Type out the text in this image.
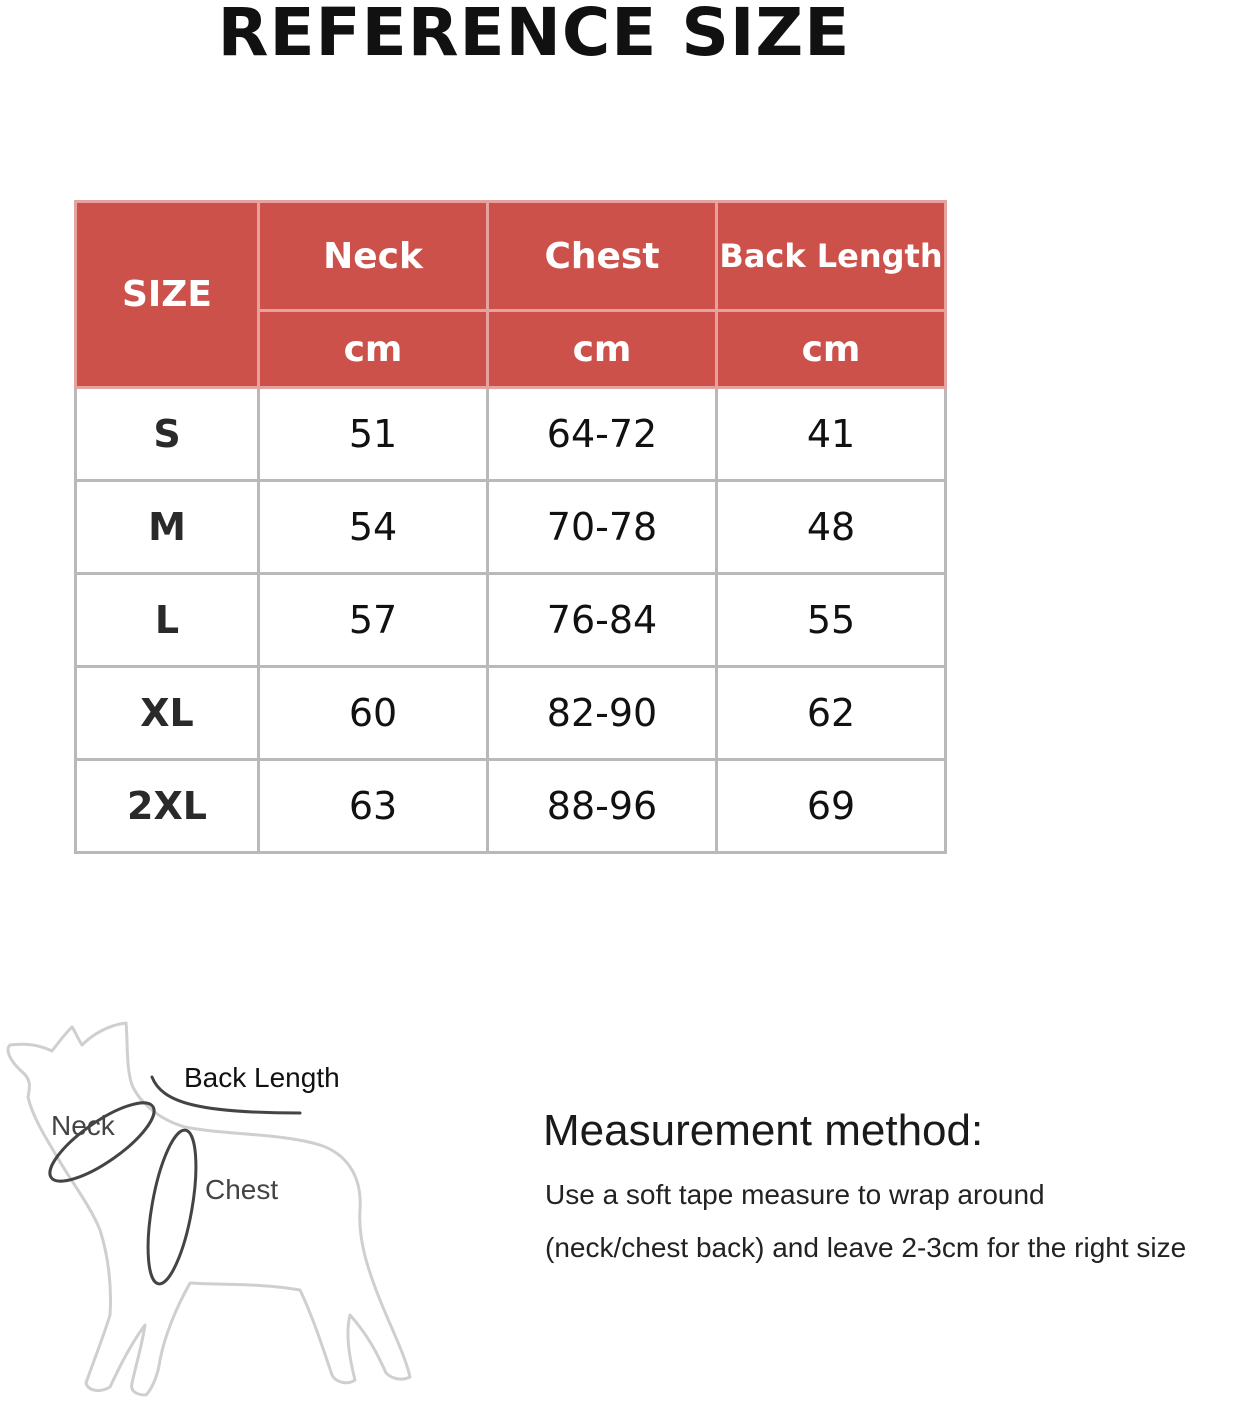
REFERENCE SIZE
SIZE	Neck	Chest	Back Length
	cm	cm	cm
S	51	64-72	41
M	54	70-78	48
L	57	76-84	55
XL	60	82-90	62
2XL	63	88-96	69
Back Length
Neck
Chest
Measurement method:
Use a soft tape measure to wrap around
(neck/chest back) and leave 2-3cm for the right size
